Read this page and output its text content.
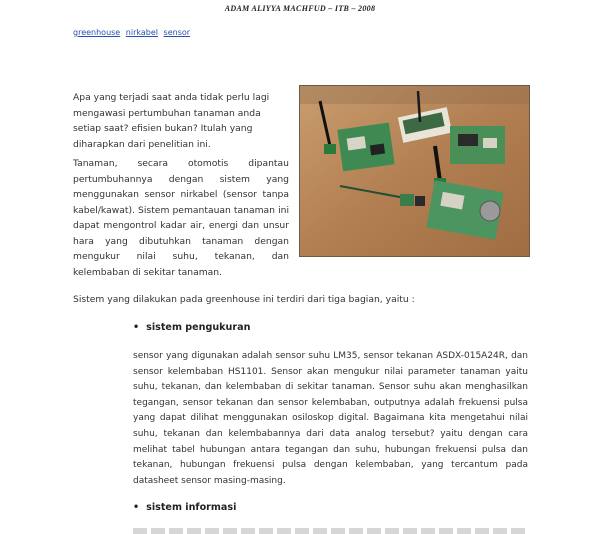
ADAM ALIYYA MACHFUD – ITB – 2008
greenhouse nirkabel sensor

Apa yang terjadi saat anda tidak perlu lagi mengawasi pertumbuhan tanaman anda setiap saat? efisien bukan? Itulah yang diharapkan dari penelitian ini.

Tanaman, secara otomotis dipantau pertumbuhannya dengan sistem yang menggunakan sensor nirkabel (sensor tanpa kabel/kawat). Sistem pemantauan tanaman ini dapat mengontrol kadar air, energi dan unsur hara yang dibutuhkan tanaman dengan mengukur nilai suhu, tekanan, dan kelembaban di sekitar tanaman.

Sistem yang dilakukan pada greenhouse ini terdiri dari tiga bagian, yaitu :

• sistem pengukuran

sensor yang digunakan adalah sensor suhu LM35, sensor tekanan ASDX-015A24R, dan sensor kelembaban HS1101. Sensor akan mengukur nilai parameter tanaman yaitu suhu, tekanan, dan kelembaban di sekitar tanaman. Sensor suhu akan menghasilkan tegangan, sensor tekanan dan sensor kelembaban, outputnya adalah frekuensi pulsa yang dapat dilihat menggunakan osiloskop digital. Bagaimana kita mengetahui nilai suhu, tekanan dan kelembabannya dari data analog tersebut? yaitu dengan cara melihat tabel hubungan antara tegangan dan suhu, hubungan frekuensi pulsa dan tekanan, hubungan frekuensi pulsa dengan kelembaban, yang tercantum pada datasheet sensor masing-masing.

• sistem informasi
